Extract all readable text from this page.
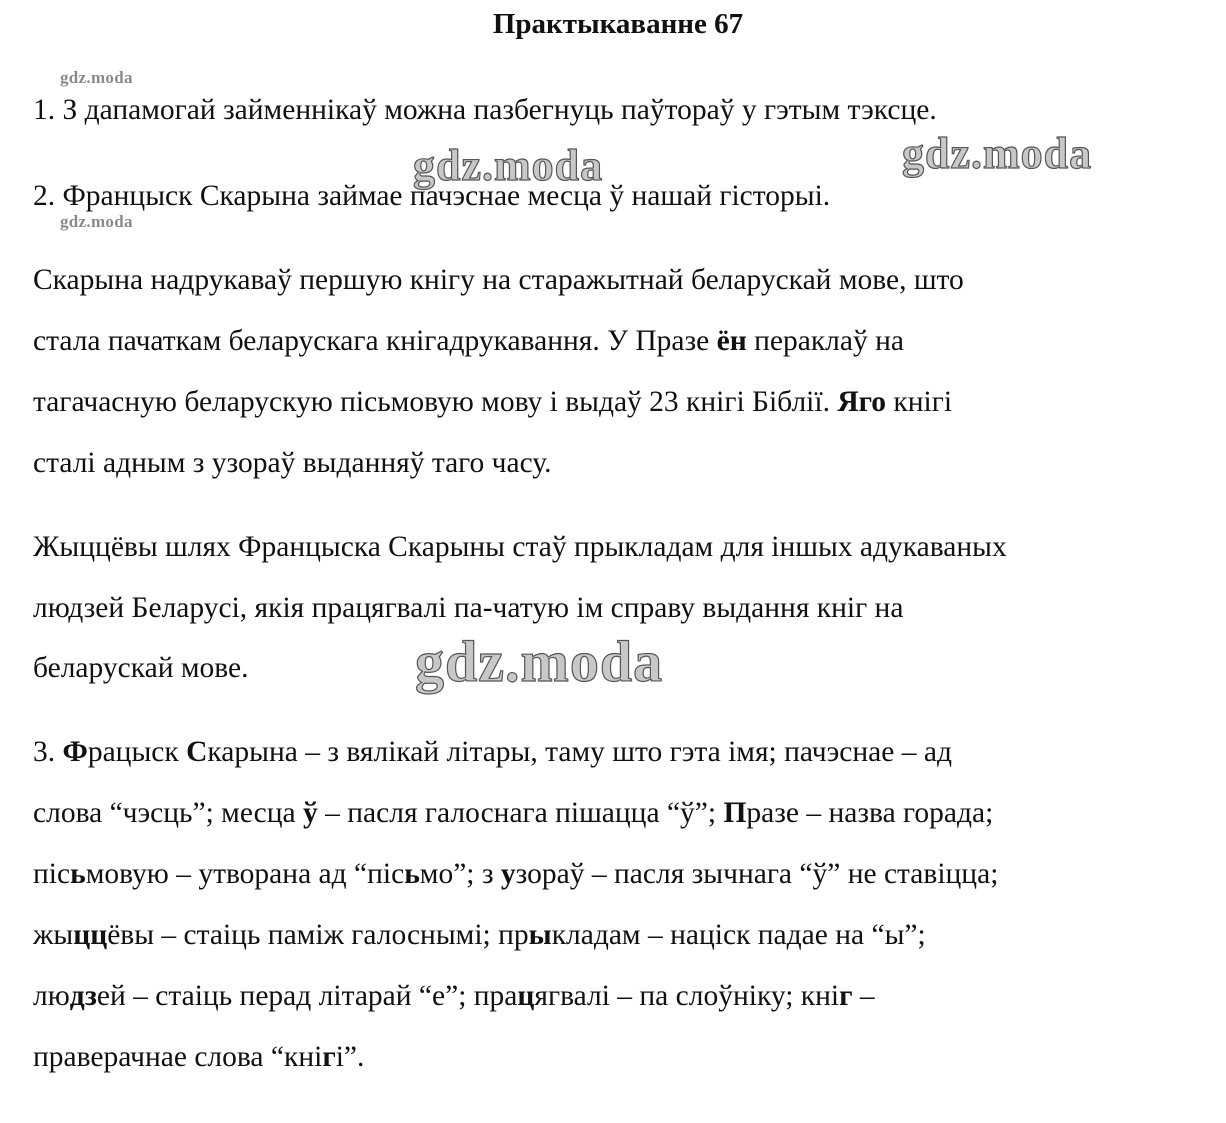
Практыкаванне 67
gdz.moda
gdz.moda
gdz.moda	gdz.moda
gdz.moda
1. З дапамогай займеннікаў можна пазбегнуць паўтораў у гэтым тэксце.
2. Францыск Скарына займае пачэснае месца ў нашай гісторыі.
Скарына надрукаваў першую кнігу на старажытнай беларускай мове, што
стала пачаткам беларускага кнігадрукавання. У Празе ён пераклаў на
тагачасную беларускую пісьмовую мову і выдаў 23 кнігі Біблії. Яго кнігі
сталі адным з узораў выданняў таго часу.
Жыццёвы шлях Францыска Скарыны стаў прыкладам для іншых адукаваных
людзей Беларусі, якія працягвалі па-чатую ім справу выдання кніг на
беларускай мове.
3. Фрацыск Скарына – з вялікай літары, таму што гэта імя; пачэснае – ад
слова “чэсць”; месца ў – пасля галоснага пішацца “ў”; Празе – назва горада;
пісьмовую – утворана ад “пісьмо”; з узораў – пасля зычнага “ў” не ставіцца;
жыццёвы – стаіць паміж галоснымі; прыкладам – націск падае на “ы”;
людзей – стаіць перад літарай “е”; працягвалі – па слоўніку; кніг –
праверачнае слова “кнігі”.
